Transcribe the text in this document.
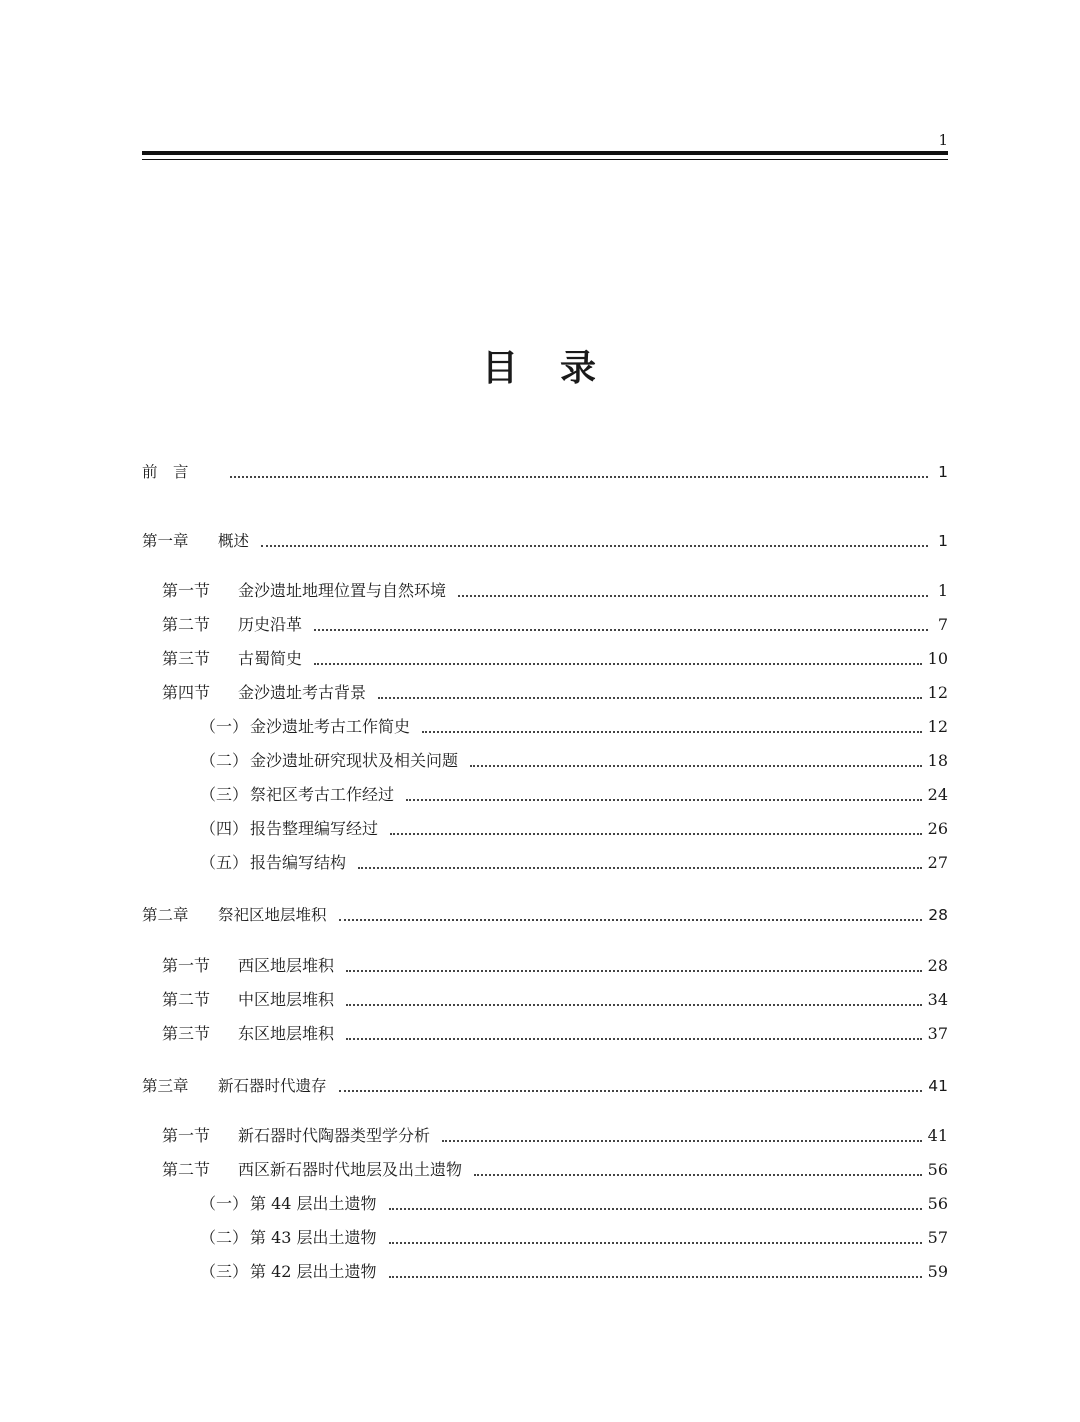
1
目 录
前　言	1
第一章	概述	1
第一节	金沙遗址地理位置与自然环境	1
第二节	历史沿革	7
第三节	古蜀简史	10
第四节	金沙遗址考古背景	12
（一） 金沙遗址考古工作简史	12
（二） 金沙遗址研究现状及相关问题	18
（三） 祭祀区考古工作经过	24
（四） 报告整理编写经过	26
（五） 报告编写结构	27
第二章	祭祀区地层堆积	28
第一节	西区地层堆积	28
第二节	中区地层堆积	34
第三节	东区地层堆积	37
第三章	新石器时代遗存	41
第一节	新石器时代陶器类型学分析	41
第二节	西区新石器时代地层及出土遗物	56
（一） 第 44 层出土遗物	56
（二） 第 43 层出土遗物	57
（三） 第 42 层出土遗物	59
